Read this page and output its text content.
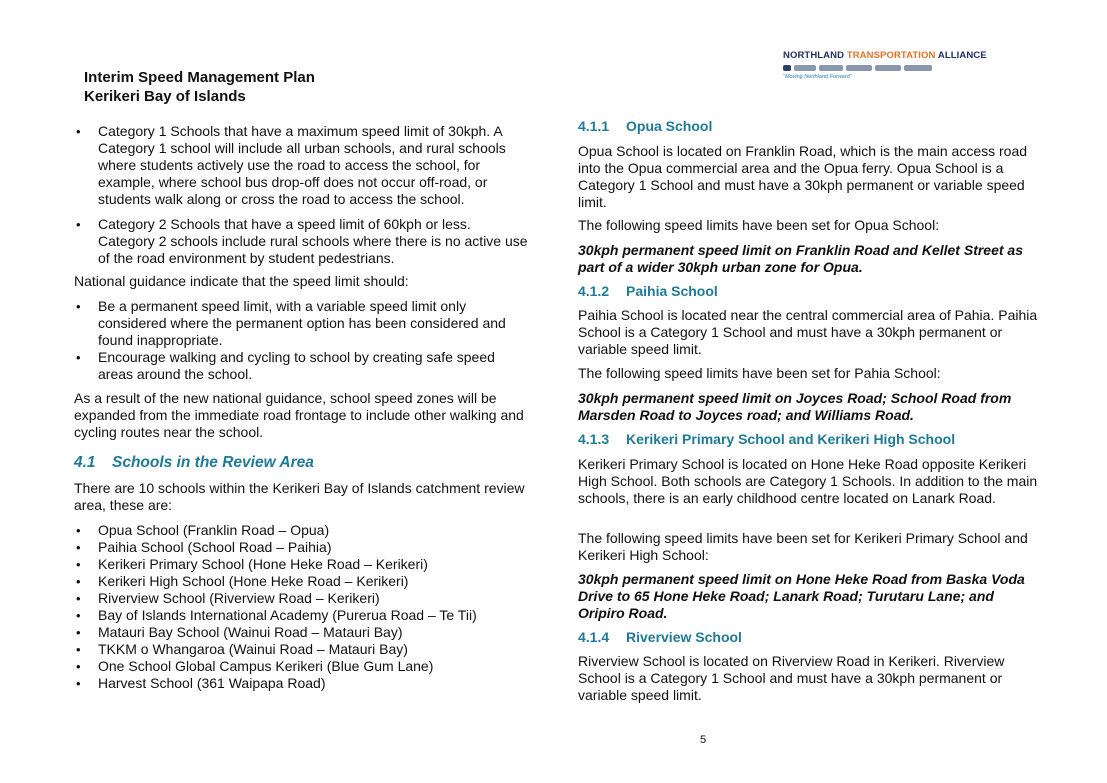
Interim Speed Management Plan
Kerikeri Bay of Islands
NORTHLAND TRANSPORTATION ALLIANCE
"Moving Northland Forward"
• Category 1 Schools that have a maximum speed limit of 30kph. A Category 1 school will include all urban schools, and rural schools where students actively use the road to access the school, for example, where school bus drop-off does not occur off-road, or students walk along or cross the road to access the school.
• Category 2 Schools that have a speed limit of 60kph or less. Category 2 schools include rural schools where there is no active use of the road environment by student pedestrians.

National guidance indicate that the speed limit should:

• Be a permanent speed limit, with a variable speed limit only considered where the permanent option has been considered and found inappropriate.
• Encourage walking and cycling to school by creating safe speed areas around the school.

As a result of the new national guidance, school speed zones will be expanded from the immediate road frontage to include other walking and cycling routes near the school.

4.1 Schools in the Review Area

There are 10 schools within the Kerikeri Bay of Islands catchment review area, these are:

• Opua School (Franklin Road – Opua)
• Paihia School (School Road – Paihia)
• Kerikeri Primary School (Hone Heke Road – Kerikeri)
• Kerikeri High School (Hone Heke Road – Kerikeri)
• Riverview School (Riverview Road – Kerikeri)
• Bay of Islands International Academy (Purerua Road – Te Tii)
• Matauri Bay School (Wainui Road – Matauri Bay)
• TKKM o Whangaroa (Wainui Road – Matauri Bay)
• One School Global Campus Kerikeri (Blue Gum Lane)
• Harvest School (361 Waipapa Road)
4.1.1 Opua School

Opua School is located on Franklin Road, which is the main access road into the Opua commercial area and the Opua ferry. Opua School is a Category 1 School and must have a 30kph permanent or variable speed limit.

The following speed limits have been set for Opua School:

30kph permanent speed limit on Franklin Road and Kellet Street as part of a wider 30kph urban zone for Opua.

4.1.2 Paihia School

Paihia School is located near the central commercial area of Pahia. Paihia School is a Category 1 School and must have a 30kph permanent or variable speed limit.

The following speed limits have been set for Pahia School:

30kph permanent speed limit on Joyces Road; School Road from Marsden Road to Joyces road; and Williams Road.

4.1.3 Kerikeri Primary School and Kerikeri High School

Kerikeri Primary School is located on Hone Heke Road opposite Kerikeri High School. Both schools are Category 1 Schools. In addition to the main schools, there is an early childhood centre located on Lanark Road.

The following speed limits have been set for Kerikeri Primary School and Kerikeri High School:

30kph permanent speed limit on Hone Heke Road from Baska Voda Drive to 65 Hone Heke Road; Lanark Road; Turutaru Lane; and Oripiro Road.

4.1.4 Riverview School

Riverview School is located on Riverview Road in Kerikeri. Riverview School is a Category 1 School and must have a 30kph permanent or variable speed limit.

5
